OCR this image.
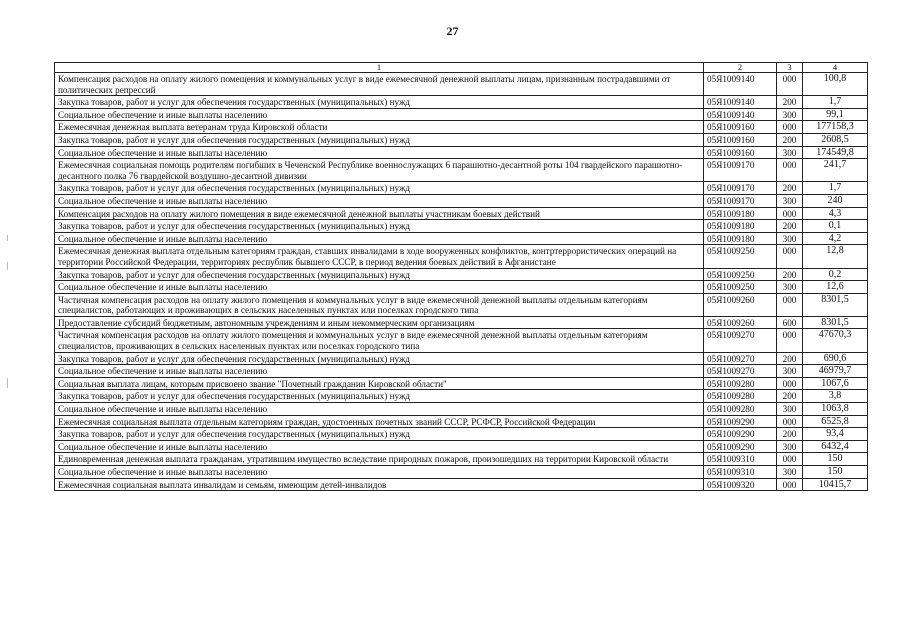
27
1	2	3	4
Компенсация расходов на оплату жилого помещения и коммунальных услуг в виде ежемесячной денежной выплаты лицам, признанным пострадавшими от политических репрессий	05Я1009140	000	100,8
Закупка товаров, работ и услуг для обеспечения государственных (муниципальных) нужд	05Я1009140	200	1,7
Социальное обеспечение и иные выплаты населению	05Я1009140	300	99,1
Ежемесячная денежная выплата ветеранам труда Кировской области	05Я1009160	000	177158,3
Закупка товаров, работ и услуг для обеспечения государственных (муниципальных) нужд	05Я1009160	200	2608,5
Социальное обеспечение и иные выплаты населению	05Я1009160	300	174549,8
Ежемесячная социальная помощь родителям погибших в Чеченской Республике военнослужащих 6 парашютно-десантной роты 104 гвардейского парашютно-десантного полка 76 гвардейской воздушно-десантной дивизии	05Я1009170	000	241,7
Закупка товаров, работ и услуг для обеспечения государственных (муниципальных) нужд	05Я1009170	200	1,7
Социальное обеспечение и иные выплаты населению	05Я1009170	300	240
Компенсация расходов на оплату жилого помещения в виде ежемесячной денежной выплаты участникам боевых действий	05Я1009180	000	4,3
Закупка товаров, работ и услуг для обеспечения государственных (муниципальных) нужд	05Я1009180	200	0,1
Социальное обеспечение и иные выплаты населению	05Я1009180	300	4,2
Ежемесячная денежная выплата отдельным категориям граждан, ставших инвалидами в ходе вооруженных конфликтов, контртеррористических операций на территории Российской Федерации, территориях республик бывшего СССР, в период ведения боевых действий в Афганистане	05Я1009250	000	12,8
Закупка товаров, работ и услуг для обеспечения государственных (муниципальных) нужд	05Я1009250	200	0,2
Социальное обеспечение и иные выплаты населению	05Я1009250	300	12,6
Частичная компенсация расходов на оплату жилого помещения и коммунальных услуг в виде ежемесячной денежной выплаты отдельным категориям специалистов, работающих и проживающих в сельских населенных пунктах или поселках городского типа	05Я1009260	000	8301,5
Предоставление субсидий бюджетным, автономным учреждениям и иным некоммерческим организациям	05Я1009260	600	8301,5
Частичная компенсация расходов на оплату жилого помещения и коммунальных услуг в виде ежемесячной денежной выплаты отдельным категориям специалистов, проживающих в сельских населенных пунктах или поселках городского типа	05Я1009270	000	47670,3
Закупка товаров, работ и услуг для обеспечения государственных (муниципальных) нужд	05Я1009270	200	690,6
Социальное обеспечение и иные выплаты населению	05Я1009270	300	46979,7
Социальная выплата лицам, которым присвоено звание "Почетный гражданин Кировской области"	05Я1009280	000	1067,6
Закупка товаров, работ и услуг для обеспечения государственных (муниципальных) нужд	05Я1009280	200	3,8
Социальное обеспечение и иные выплаты населению	05Я1009280	300	1063,8
Ежемесячная социальная выплата отдельным категориям граждан, удостоенных почетных званий СССР, РСФСР, Российской Федерации	05Я1009290	000	6525,8
Закупка товаров, работ и услуг для обеспечения государственных (муниципальных) нужд	05Я1009290	200	93,4
Социальное обеспечение и иные выплаты населению	05Я1009290	300	6432,4
Единовременная денежная выплата гражданам, утратившим имущество вследствие природных пожаров, произошедших на территории Кировской области	05Я1009310	000	150
Социальное обеспечение и иные выплаты населению	05Я1009310	300	150
Ежемесячная социальная выплата инвалидам и семьям, имеющим детей-инвалидов	05Я1009320	000	10415,7
